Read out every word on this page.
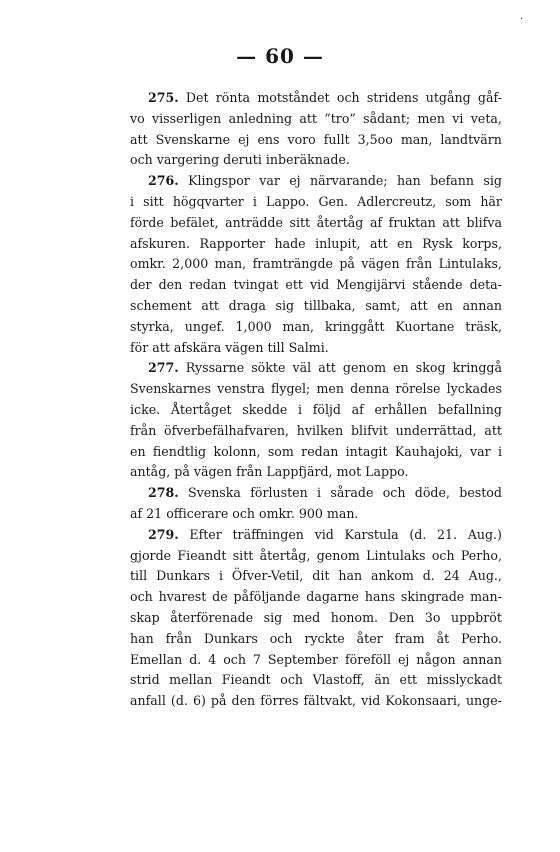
·
— 60 —
275. Det rönta motståndet och stridens utgång gåf-
vo visserligen anledning att ”tro” sådant; men vi veta,
att Svenskarne ej ens voro fullt 3,5oo man, landtvärn
och vargering deruti inberäknade.
276. Klingspor var ej närvarande; han befann sig
i sitt högqvarter i Lappo. Gen. Adlercreutz, som här
förde befälet, anträdde sitt återtåg af fruktan att blifva
afskuren. Rapporter hade inlupit, att en Rysk korps,
omkr. 2,000 man, framträngde på vägen från Lintulaks,
der den redan tvingat ett vid Mengijärvi stående deta-
schement att draga sig tillbaka, samt, att en annan
styrka, ungef. 1,000 man, kringgått Kuortane träsk,
för att afskära vägen till Salmi.
277. Ryssarne sökte väl att genom en skog kringgå
Svenskarnes venstra flygel; men denna rörelse lyckades
icke. Återtåget skedde i följd af erhållen befallning
från öfverbefälhafvaren, hvilken blifvit underrättad, att
en fiendtlig kolonn, som redan intagit Kauhajoki, var i
antåg, på vägen från Lappfjärd, mot Lappo.
278. Svenska förlusten i sårade och döde, bestod
af 21 officerare och omkr. 900 man.
279. Efter träffningen vid Karstula (d. 21. Aug.)
gjorde Fieandt sitt återtåg, genom Lintulaks och Perho,
till Dunkars i Öfver-Vetil, dit han ankom d. 24 Aug.,
och hvarest de påföljande dagarne hans skingrade man-
skap återförenade sig med honom. Den 3o uppbröt
han från Dunkars och ryckte åter fram åt Perho.
Emellan d. 4 och 7 September föreföll ej någon annan
strid mellan Fieandt och Vlastoff, än ett misslyckadt
anfall (d. 6) på den förres fältvakt, vid Kokonsaari, unge-
